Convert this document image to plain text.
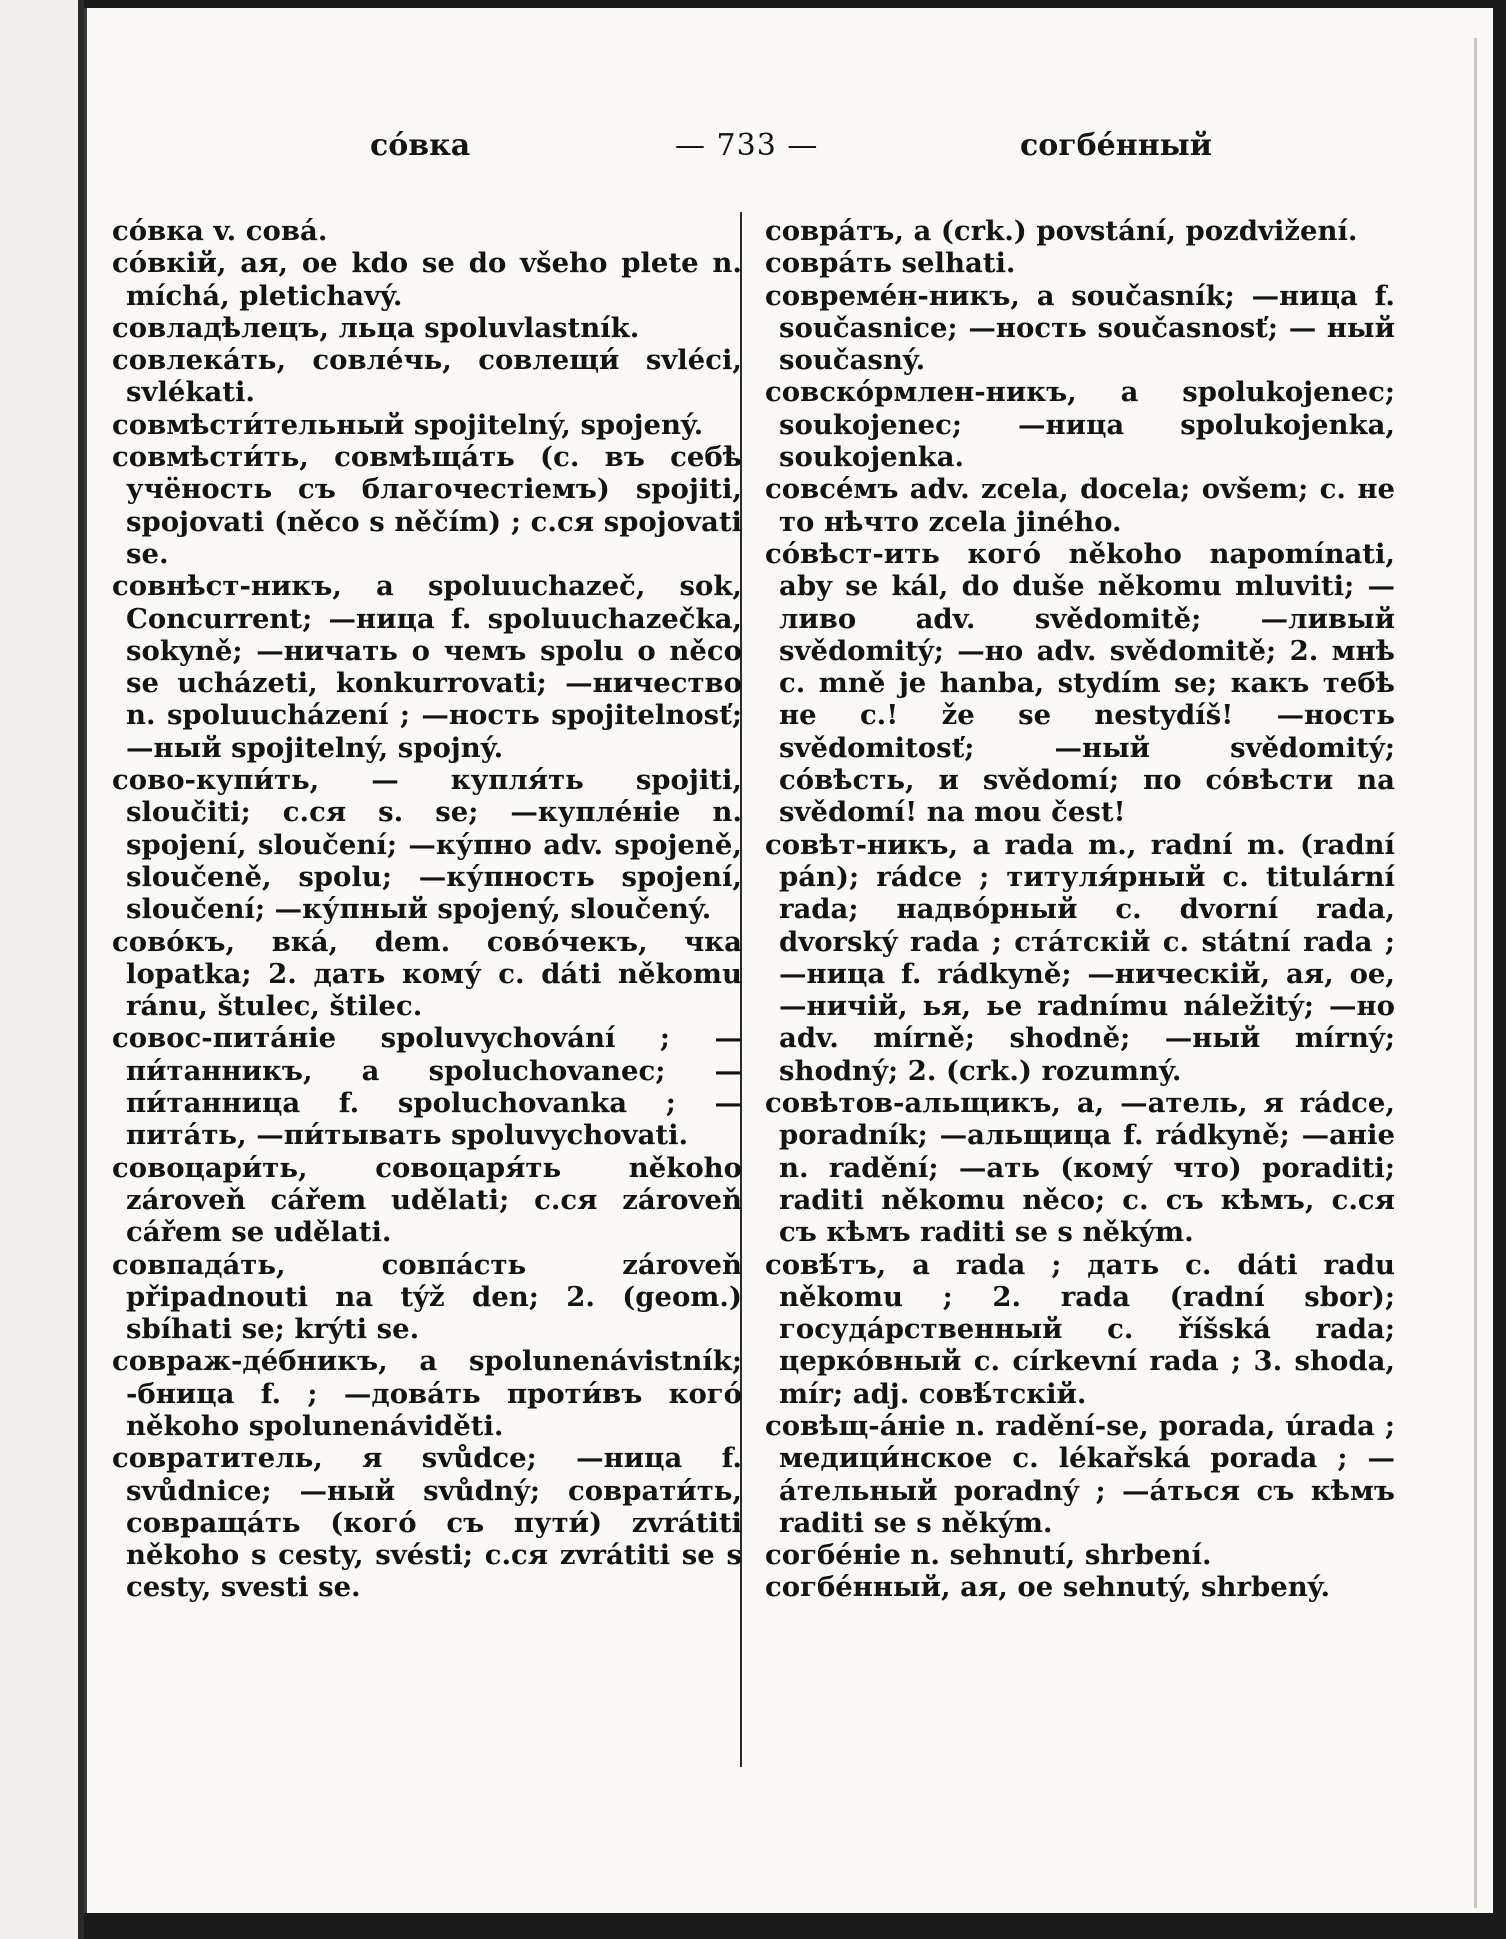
со́вка	— 733 —	согбе́нный

со́вка v. сова́.

со́вкій, ая, ое kdo se do všeho plete n. míchá, pletichavý.

совладѣлецъ, льца spoluvlastník.

совлека́ть, совле́чь, совлещи́ svléci, svlékati.

совмѣсти́тельный spojitelný, spojený.

совмѣсти́ть, совмѣща́ть (с. въ себѣ учёность съ благочестіемъ) spojiti, spojovati (něco s něčím) ; с.ся spojovati se.

совнѣст-никъ, а spoluuchazeč, sok, Concurrent; —ница f. spoluuchazečka, sokyně; —ничать о чемъ spolu o něco se ucházeti, konkurrovati; —ничество n. spoluucházení ; —ность spojitelnosť;—ный spojitelný, spojný.

сово-купи́ть, — купля́ть spojiti, sloučiti; с.ся s. se; —купле́ніе n. spojení, sloučení; —ку́пно adv. spojeně, sloučeně, spolu; —ку́пность spojení, sloučení; —ку́пный spojený, sloučený.

сово́къ, вка́, dem. сово́чекъ, чка lopatka; 2. дать кому́ с. dáti někomu ránu, štulec, štilec.

совос-пита́ніе spoluvychování ; —пи́танникъ, а spoluchovanec; —пи́танница f. spoluchovanka ; —пита́ть, —пи́тывать spoluvychovati.

совоцари́ть, совоцаря́ть někoho zároveň cářem udělati; с.ся zároveň cářem se udělati.

совпада́ть, совпа́сть zároveň připadnouti na týž den; 2. (geom.) sbíhati se; krýti se.

совраж-де́бникъ, а spolunenávistník; -бница f. ; —дова́ть проти́въ кого́ někoho spolunenáviděti.

совратитель, я svůdce; —ница f. svůdnice; —ный svůdný; соврати́ть, совраща́ть (кого́ съ пути́) zvrátiti někoho s cesty, svésti; с.ся zvrátiti se s cesty, svesti se.

совра́тъ, а (crk.) povstání, pozdvižení.

совра́ть selhati.

совреме́н-никъ, а současník; —ница f. současnice; —ность současnosť; — ный současný.

совско́рмлен-никъ, а spolukojenec; soukojenec; —ница spolukojenka, soukojenka.

совсе́мъ adv. zcela, docela; ovšem; с. не то нѣчто zcela jiného.

со́вѣст-ить кого́ někoho napomínati, aby se kál, do duše někomu mluviti; —ливо adv. svědomitě; —ливый svědomitý; —но adv. svědomitě; 2. мнѣ с. mně je hanba, stydím se; какъ тебѣ не с.! že se nestydíš! —ность svědomitosť; —ный svědomitý; со́вѣсть, и svědomí; по со́вѣсти na svědomí! na mou čest!

совѣт-никъ, а rada m., radní m. (radní pán); rádce ; титуля́рный с. titulární rada; надво́рный с. dvorní rada, dvorský rada ; ста́тскій с. státní rada ; —ница f. rádkyně; —ническій, ая, ое, —ничій, ья, ье radnímu náležitý; —но adv. mírně; shodně; —ный mírný; shodný; 2. (crk.) rozumný.

совѣтов-альщикъ, а, —атель, я rádce, poradník; —альщица f. rádkyně; —аніе n. radění; —ать (кому́ что) poraditi; raditi někomu něco; с. съ кѣмъ, с.ся съ кѣмъ raditi se s někým.

совѣ́тъ, а rada ; дать с. dáti radu někomu ; 2. rada (radní sbor); госуда́рственный с. říšská rada; церко́вный с. církevní rada ; 3. shoda, mír; adj. совѣ́тскій.

совѣщ-а́ніе n. radění-se, porada, úrada ; медици́нское с. lékařská porada ; —а́тельный poradný ; —а́ться съ кѣмъ raditi se s někým.

согбе́ніе n. sehnutí, shrbení.

согбе́нный, ая, ое sehnutý, shrbený.
